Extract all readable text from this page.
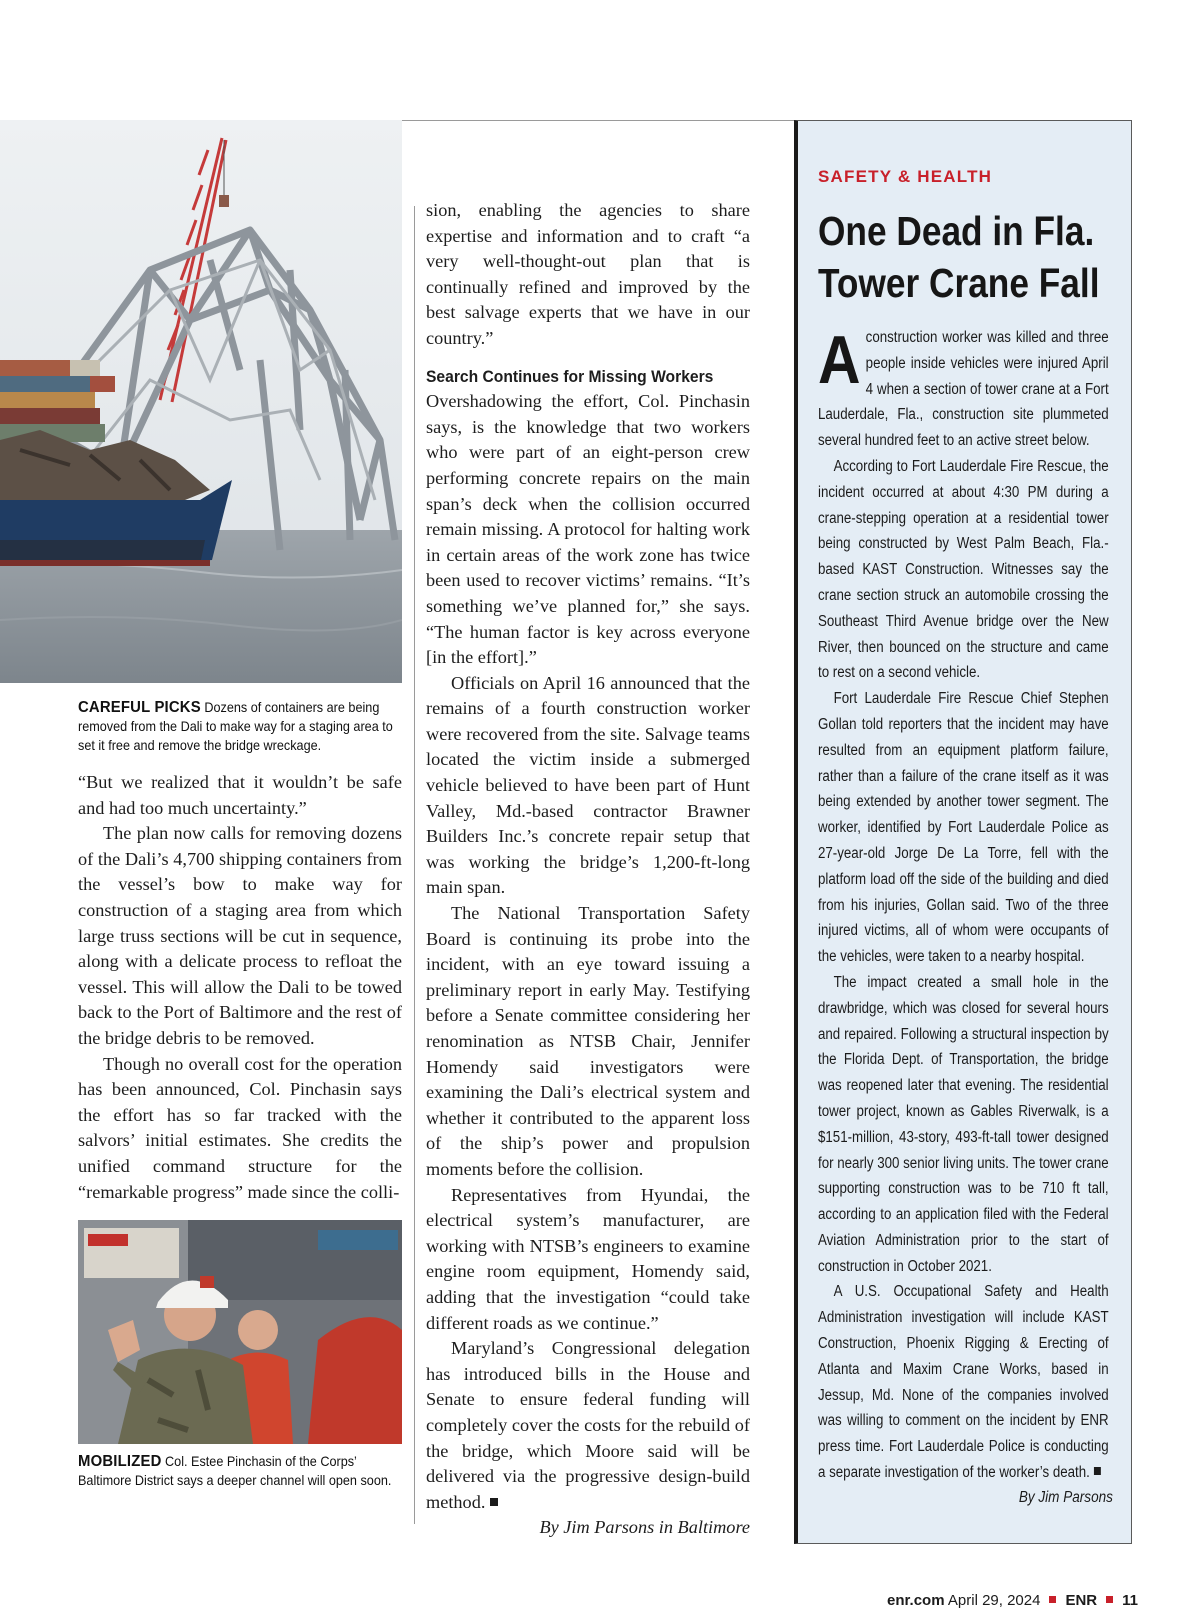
CAREFUL PICKS Dozens of containers are being removed from the Dali to make way for a staging area to set it free and remove the bridge wreckage.

“But we realized that it wouldn’t be safe and had too much uncertainty.”

The plan now calls for removing dozens of the Dali’s 4,700 shipping containers from the vessel’s bow to make way for construction of a staging area from which large truss sections will be cut in sequence, along with a delicate process to refloat the vessel. This will allow the Dali to be towed back to the Port of Baltimore and the rest of the bridge debris to be removed.

Though no overall cost for the operation has been announced, Col. Pinchasin says the effort has so far tracked with the salvors’ initial estimates. She credits the unified command structure for the “remarkable progress” made since the colli-

MOBILIZED Col. Estee Pinchasin of the Corps’ Baltimore District says a deeper channel will open soon.

sion, enabling the agencies to share expertise and information and to craft “a very well-thought-out plan that is continually refined and improved by the best salvage experts that we have in our country.”

Search Continues for Missing Workers

Overshadowing the effort, Col. Pinchasin says, is the knowledge that two workers who were part of an eight-person crew performing concrete repairs on the main span’s deck when the collision occurred remain missing. A protocol for halting work in certain areas of the work zone has twice been used to recover victims’ remains. “It’s something we’ve planned for,” she says. “The human factor is key across everyone [in the effort].”

Officials on April 16 announced that the remains of a fourth construction worker were recovered from the site. Salvage teams located the victim inside a submerged vehicle believed to have been part of Hunt Valley, Md.-based contractor Brawner Builders Inc.’s concrete repair setup that was working the bridge’s 1,200-ft-long main span.

The National Transportation Safety Board is continuing its probe into the incident, with an eye toward issuing a preliminary report in early May. Testifying before a Senate committee considering her renomination as NTSB Chair, Jennifer Homendy said investigators were examining the Dali’s electrical system and whether it contributed to the apparent loss of the ship’s power and propulsion moments before the collision.

Representatives from Hyundai, the electrical system’s manufacturer, are working with NTSB’s engineers to examine engine room equipment, Homendy said, adding that the investigation “could take different roads as we continue.”

Maryland’s Congressional delegation has introduced bills in the House and Senate to ensure federal funding will completely cover the costs for the rebuild of the bridge, which Moore said will be delivered via the progressive design-build method.

By Jim Parsons in Baltimore
SAFETY & HEALTH
One Dead in Fla. Tower Crane Fall

Aconstruction worker was killed and three people inside vehicles were injured April 4 when a section of tower crane at a Fort Lauderdale, Fla., construction site plummeted several hundred feet to an active street below.

According to Fort Lauderdale Fire Rescue, the incident occurred at about 4:30 PM during a crane-stepping operation at a residential tower being constructed by West Palm Beach, Fla.-based KAST Construction. Witnesses say the crane section struck an automobile crossing the Southeast Third Avenue bridge over the New River, then bounced on the structure and came to rest on a second vehicle.

Fort Lauderdale Fire Rescue Chief Stephen Gollan told reporters that the incident may have resulted from an equipment platform failure, rather than a failure of the crane itself as it was being extended by another tower segment. The worker, identified by Fort Lauderdale Police as 27-year-old Jorge De La Torre, fell with the platform load off the side of the building and died from his injuries, Gollan said. Two of the three injured victims, all of whom were occupants of the vehicles, were taken to a nearby hospital.

The impact created a small hole in the drawbridge, which was closed for several hours and repaired. Following a structural inspection by the Florida Dept. of Transportation, the bridge was reopened later that evening. The residential tower project, known as Gables Riverwalk, is a $151-million, 43-story, 493-ft-tall tower designed for nearly 300 senior living units. The tower crane supporting construction was to be 710 ft tall, according to an application filed with the Federal Aviation Administration prior to the start of construction in October 2021.

A U.S. Occupational Safety and Health Administration investigation will include KAST Construction, Phoenix Rigging & Erecting of Atlanta and Maxim Crane Works, based in Jessup, Md. None of the companies involved was willing to comment on the incident by ENR press time. Fort Lauderdale Police is conducting a separate investigation of the worker’s death.

By Jim Parsons
enr.com April 29, 2024 ENR 11
